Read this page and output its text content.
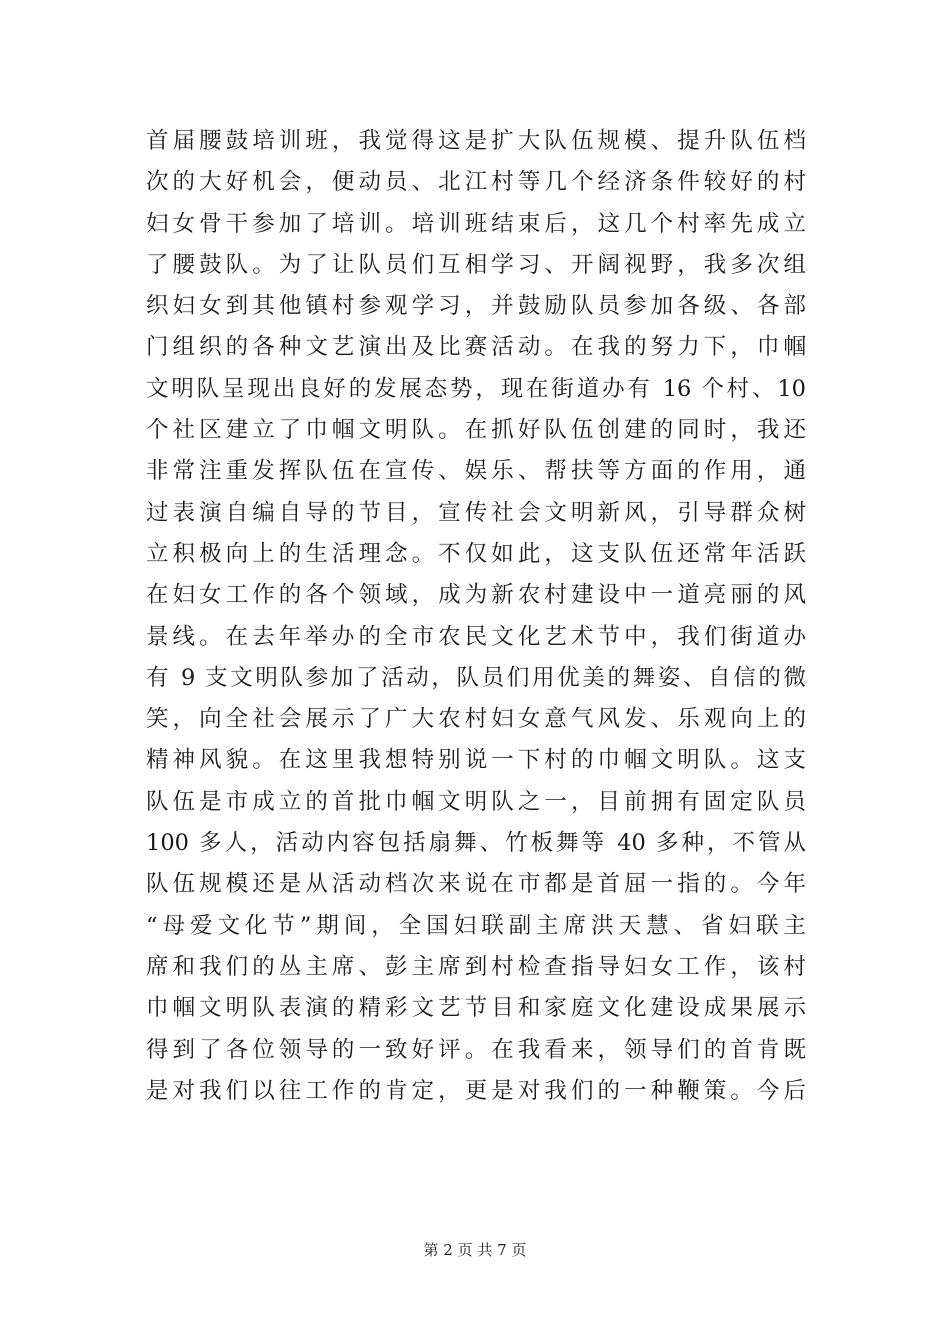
首届腰鼓培训班，我觉得这是扩大队伍规模、提升队伍档
次的大好机会，便动员、北江村等几个经济条件较好的村
妇女骨干参加了培训。培训班结束后，这几个村率先成立
了腰鼓队。为了让队员们互相学习、开阔视野，我多次组
织妇女到其他镇村参观学习，并鼓励队员参加各级、各部
门组织的各种文艺演出及比赛活动。在我的努力下，巾帼
文明队呈现出良好的发展态势，现在街道办有 16 个村、10
个社区建立了巾帼文明队。在抓好队伍创建的同时，我还
非常注重发挥队伍在宣传、娱乐、帮扶等方面的作用，通
过表演自编自导的节目，宣传社会文明新风，引导群众树
立积极向上的生活理念。不仅如此，这支队伍还常年活跃
在妇女工作的各个领域，成为新农村建设中一道亮丽的风
景线。在去年举办的全市农民文化艺术节中，我们街道办
有 9 支文明队参加了活动，队员们用优美的舞姿、自信的微
笑，向全社会展示了广大农村妇女意气风发、乐观向上的
精神风貌。在这里我想特别说一下村的巾帼文明队。这支
队伍是市成立的首批巾帼文明队之一，目前拥有固定队员
100 多人，活动内容包括扇舞、竹板舞等 40 多种，不管从
队伍规模还是从活动档次来说在市都是首屈一指的。今年
“母爱文化节”期间，全国妇联副主席洪天慧、省妇联主
席和我们的丛主席、彭主席到村检查指导妇女工作，该村
巾帼文明队表演的精彩文艺节目和家庭文化建设成果展示
得到了各位领导的一致好评。在我看来，领导们的首肯既
是对我们以往工作的肯定，更是对我们的一种鞭策。今后
第 2 页 共 7 页
